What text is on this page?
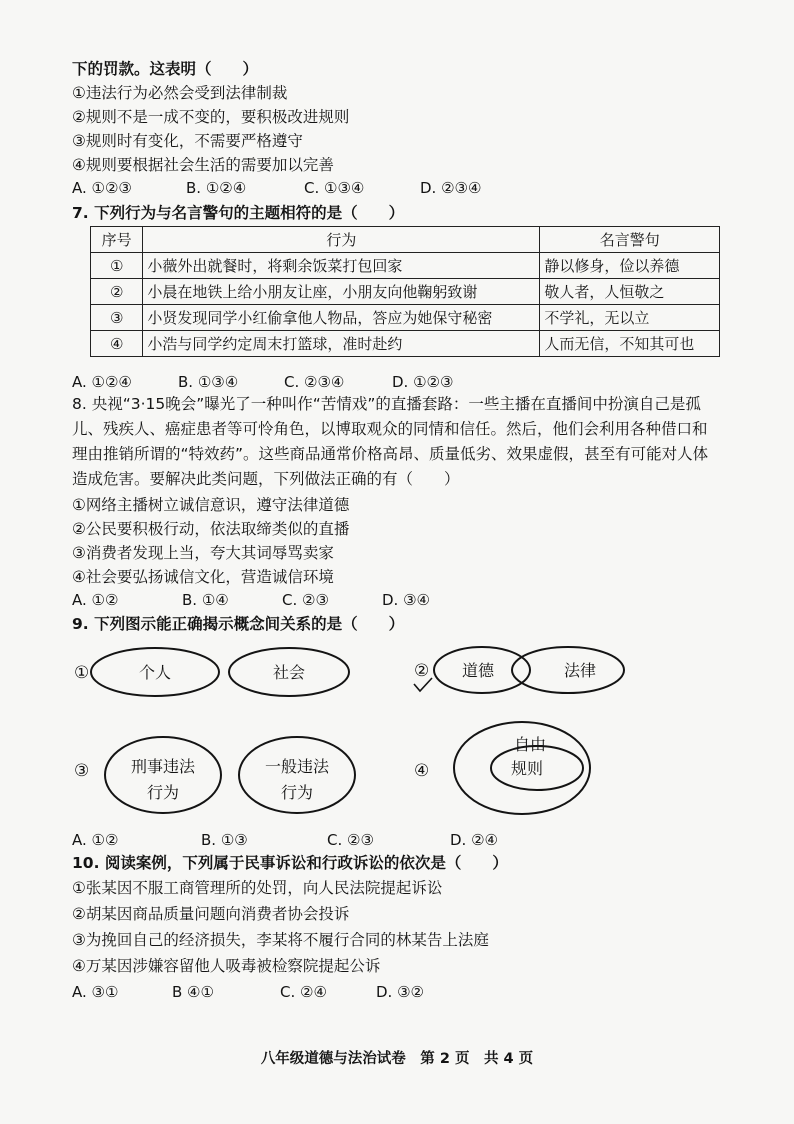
下的罚款。这表明（　　）
①违法行为必然会受到法律制裁
②规则不是一成不变的，要积极改进规则
③规则时有变化，不需要严格遵守
④规则要根据社会生活的需要加以完善
A. ①②③	B. ①②④	C. ①③④	D. ②③④
7. 下列行为与名言警句的主题相符的是（　　）
序号	行为	名言警句
①	小薇外出就餐时，将剩余饭菜打包回家	静以修身，俭以养德
②	小晨在地铁上给小朋友让座，小朋友向他鞠躬致谢	敬人者，人恒敬之
③	小贤发现同学小红偷拿他人物品，答应为她保守秘密	不学礼，无以立
④	小浩与同学约定周末打篮球，准时赴约	人而无信，不知其可也
A. ①②④	B. ①③④	C. ②③④	D. ①②③
8. 央视“3·15晚会”曝光了一种叫作“苦情戏”的直播套路：一些主播在直播间中扮演自己是孤儿、残疾人、癌症患者等可怜角色，以博取观众的同情和信任。然后，他们会利用各种借口和理由推销所谓的“特效药”。这些商品通常价格高昂、质量低劣、效果虚假，甚至有可能对人体造成危害。要解决此类问题，下列做法正确的有（　　）
①网络主播树立诚信意识，遵守法律道德
②公民要积极行动，依法取缔类似的直播
③消费者发现上当，夸大其词辱骂卖家
④社会要弘扬诚信文化，营造诚信环境
A. ①②	B. ①④	C. ②③	D. ③④
9. 下列图示能正确揭示概念间关系的是（　　）
①	个人	社会	② 道德	法律
③	刑事违法
行为
一般违法
行为
④
自由
规则
A. ①②	B. ①③	C. ②③	D. ②④
10. 阅读案例，下列属于民事诉讼和行政诉讼的依次是（　　）
①张某因不服工商管理所的处罚，向人民法院提起诉讼
②胡某因商品质量问题向消费者协会投诉
③为挽回自己的经济损失，李某将不履行合同的林某告上法庭
④万某因涉嫌容留他人吸毒被检察院提起公诉
A. ③①	B ④①	C. ②④	D. ③②
八年级道德与法治试卷　第 2 页　共 4 页
